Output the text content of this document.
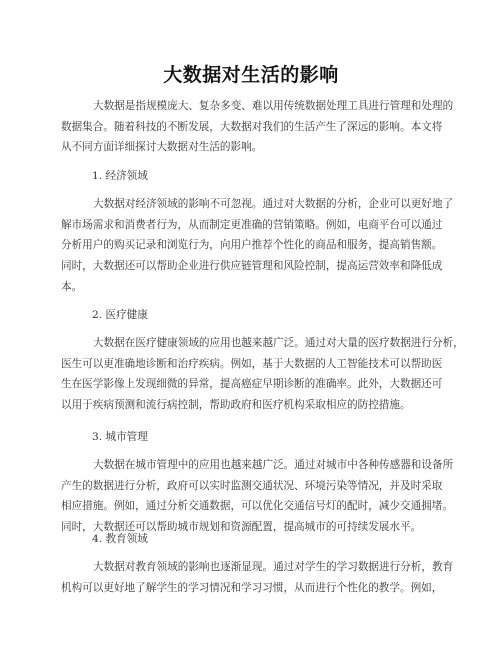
大数据对生活的影响
大数据是指规模庞大、复杂多变、难以用传统数据处理工具进行管理和处理的
数据集合。随着科技的不断发展，大数据对我们的生活产生了深远的影响。本文将
从不同方面详细探讨大数据对生活的影响。
1. 经济领域
大数据对经济领域的影响不可忽视。通过对大数据的分析，企业可以更好地了
解市场需求和消费者行为，从而制定更准确的营销策略。例如，电商平台可以通过
分析用户的购买记录和浏览行为，向用户推荐个性化的商品和服务，提高销售额。
同时，大数据还可以帮助企业进行供应链管理和风险控制，提高运营效率和降低成
本。
2. 医疗健康
大数据在医疗健康领域的应用也越来越广泛。通过对大量的医疗数据进行分析，
医生可以更准确地诊断和治疗疾病。例如，基于大数据的人工智能技术可以帮助医
生在医学影像上发现细微的异常，提高癌症早期诊断的准确率。此外，大数据还可
以用于疾病预测和流行病控制，帮助政府和医疗机构采取相应的防控措施。
3. 城市管理
大数据在城市管理中的应用也越来越广泛。通过对城市中各种传感器和设备所
产生的数据进行分析，政府可以实时监测交通状况、环境污染等情况，并及时采取
相应措施。例如，通过分析交通数据，可以优化交通信号灯的配时，减少交通拥堵。
同时，大数据还可以帮助城市规划和资源配置，提高城市的可持续发展水平。
4. 教育领域
大数据对教育领域的影响也逐渐显现。通过对学生的学习数据进行分析，教育
机构可以更好地了解学生的学习情况和学习习惯，从而进行个性化的教学。例如，
